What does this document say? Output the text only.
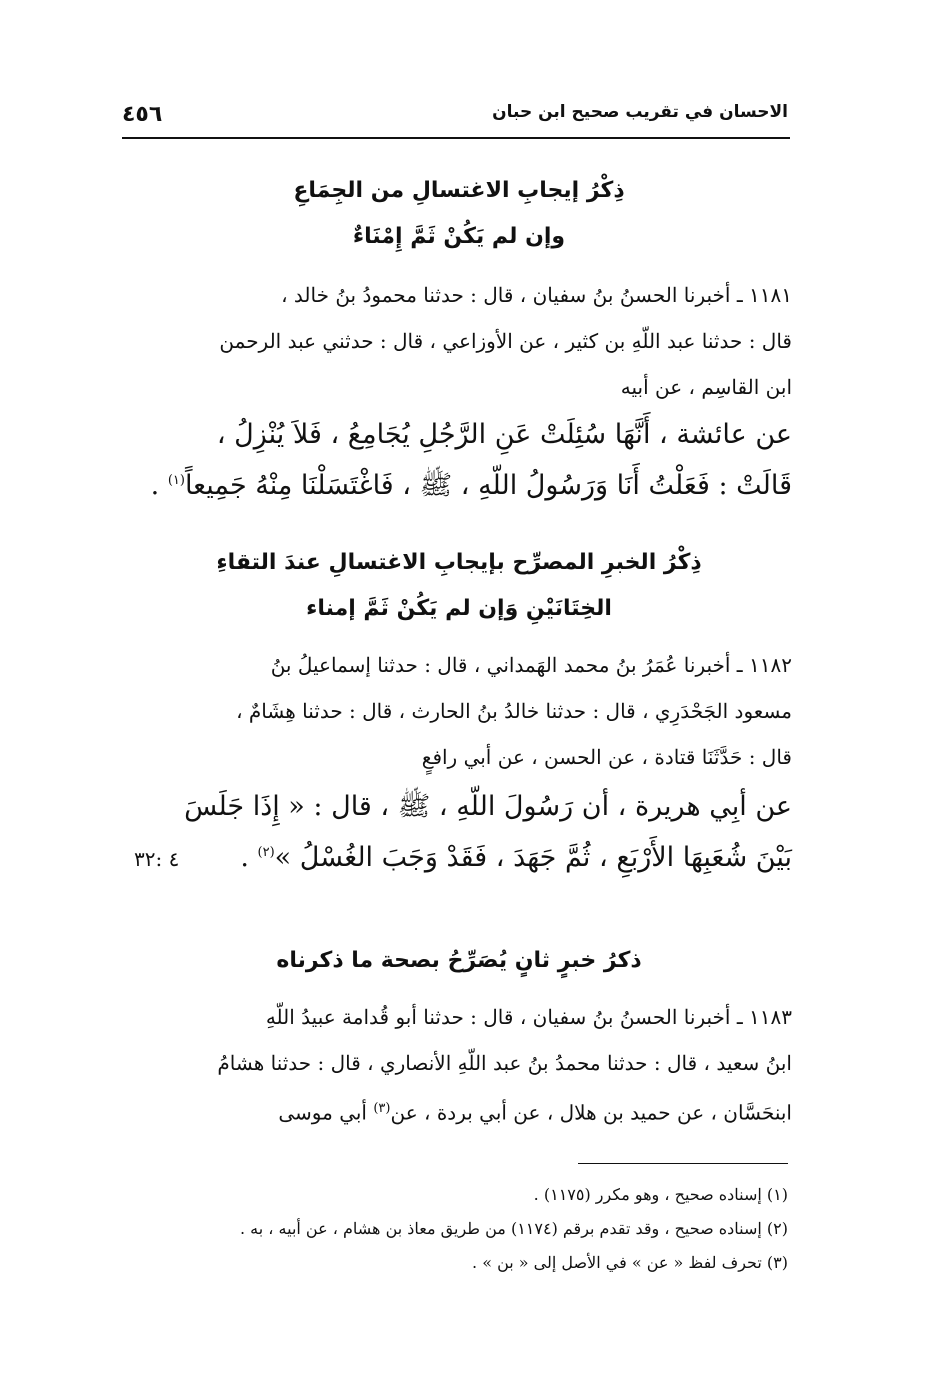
٤٥٦	الاحسان في تقريب صحيح ابن حبان
ذِكْرُ إيجابِ الاغتسالِ من الجِمَاعِ
وإن لم يَكُنْ ثَمَّ إِمْنَاءٌ
١١٨١ ـ أخبرنا الحسنُ بنُ سفيان ، قال : حدثنا محمودُ بنُ خالد ،
قال : حدثنا عبد اللّهِ بن كثير ، عن الأوزاعي ، قال : حدثني عبد الرحمن
ابن القاسِم ، عن أبيه
عن عائشة ، أَنَّهَا سُئِلَتْ عَنِ الرَّجُلِ يُجَامِعُ ، فَلاَ يُنْزِلُ ،
قَالَتْ : فَعَلْتُ أَنَا وَرَسُولُ اللّهِ ، ﷺ ، فَاغْتَسَلْنَا مِنْهُ جَمِيعاً$^{(١)}$ .
ذِكْرُ الخبرِ المصرِّح بإيجابِ الاغتسالِ عندَ التقاءِ
الخِتَانَيْنِ وَإن لم يَكُنْ ثَمَّ إمناء
١١٨٢ ـ أخبرنا عُمَرُ بنُ محمد الهَمداني ، قال : حدثنا إسماعيلُ بنُ
مسعود الجَحْدَرِي ، قال : حدثنا خالدُ بنُ الحارث ، قال : حدثنا هِشَامٌ ،
قال : حَدَّثَنَا قتادة ، عن الحسن ، عن أبي رافعٍ
عن أبِي هريرة ، أن رَسُولَ اللّهِ ، ﷺ ، قال : « إِذَا جَلَسَ
بَيْنَ شُعَبِهَا الأَرْبَعِ ، ثُمَّ جَهَدَ ، فَقَدْ وَجَبَ الغُسْلُ »$^{(٢)}$ .
٤ :٣٢
ذكرُ خبرٍ ثانٍ يُصَرِّحُ بصحة ما ذكرناه
١١٨٣ ـ أخبرنا الحسنُ بنُ سفيان ، قال : حدثنا أبو قُدامة عبيدُ اللّهِ
ابنُ سعيد ، قال : حدثنا محمدُ بنُ عبد اللّهِ الأنصاري ، قال : حدثنا هشامُ
ابنحَسَّان ، عن حميد بن هلال ، عن أبي بردة ، عن$^{(٣)}$ أبي موسى
(١) إسناده صحيح ، وهو مكرر (١١٧٥) .
(٢) إسناده صحيح ، وقد تقدم برقم (١١٧٤) من طريق معاذ بن هشام ، عن أبيه ، به .
(٣) تحرف لفظ « عن » في الأصل إلى « بن » .
